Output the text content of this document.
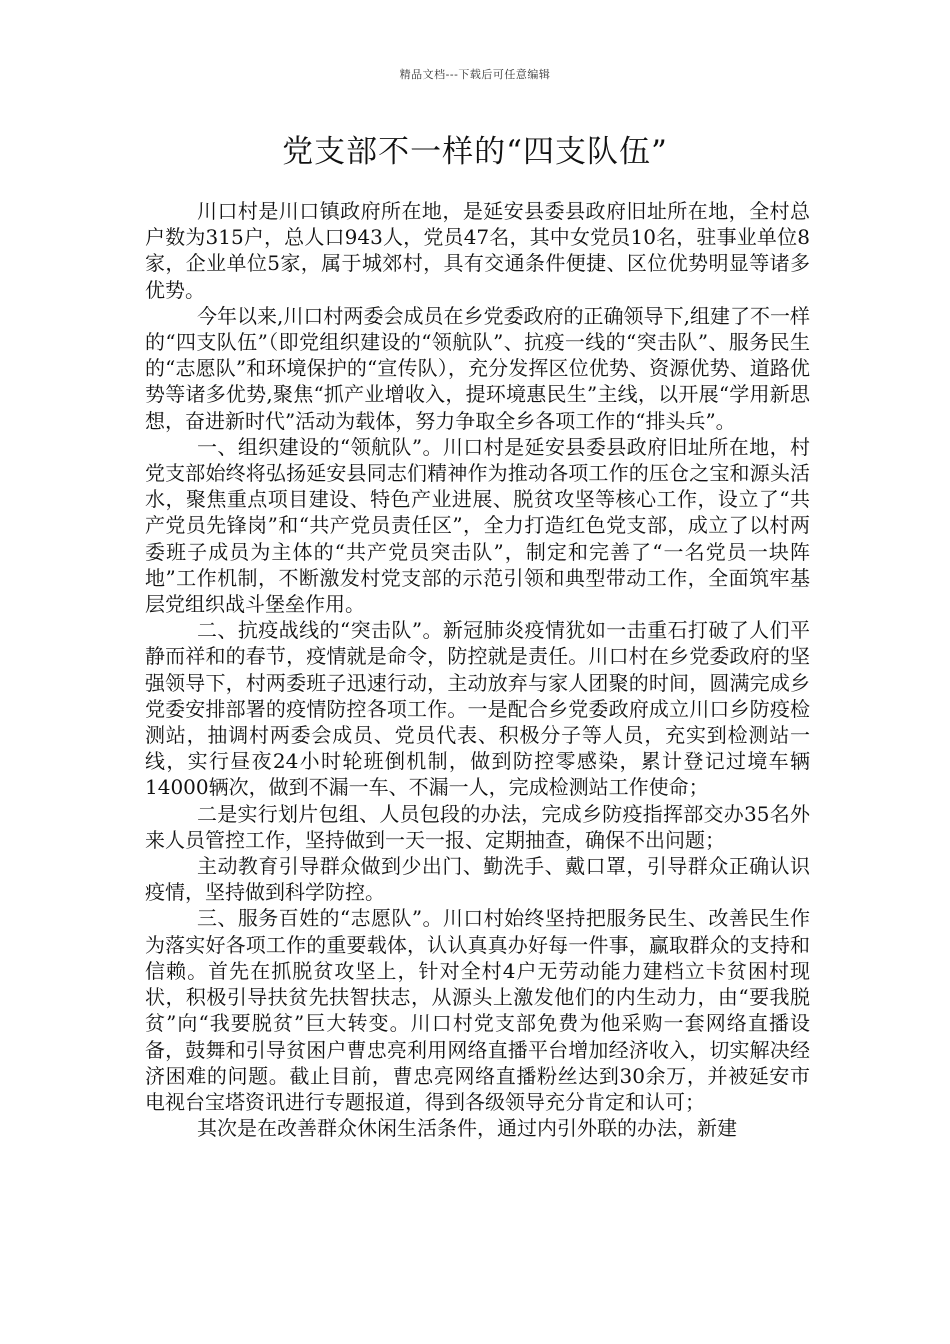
精品文档---下载后可任意编辑
党支部不一样的“四支队伍”

川口村是川口镇政府所在地，是延安县委县政府旧址所在地，全村总户数为315户，总人口943人，党员47名，其中女党员10名，驻事业单位8家，企业单位5家，属于城郊村，具有交通条件便捷、区位优势明显等诸多优势。

今年以来,川口村两委会成员在乡党委政府的正确领导下,组建了不一样的“四支队伍”（即党组织建设的“领航队”、抗疫一线的“突击队”、服务民生的“志愿队”和环境保护的“宣传队），充分发挥区位优势、资源优势、道路优势等诸多优势,聚焦“抓产业增收入，提环境惠民生”主线，以开展“学用新思想，奋进新时代”活动为载体，努力争取全乡各项工作的“排头兵”。

一、组织建设的“领航队”。川口村是延安县委县政府旧址所在地，村党支部始终将弘扬延安县同志们精神作为推动各项工作的压仓之宝和源头活水，聚焦重点项目建设、特色产业进展、脱贫攻坚等核心工作，设立了“共产党员先锋岗”和“共产党员责任区”，全力打造红色党支部，成立了以村两委班子成员为主体的“共产党员突击队”，制定和完善了“一名党员一块阵地”工作机制，不断激发村党支部的示范引领和典型带动工作，全面筑牢基层党组织战斗堡垒作用。

二、抗疫战线的“突击队”。新冠肺炎疫情犹如一击重石打破了人们平静而祥和的春节，疫情就是命令，防控就是责任。川口村在乡党委政府的坚强领导下，村两委班子迅速行动，主动放弃与家人团聚的时间，圆满完成乡党委安排部署的疫情防控各项工作。一是配合乡党委政府成立川口乡防疫检测站，抽调村两委会成员、党员代表、积极分子等人员，充实到检测站一线，实行昼夜24小时轮班倒机制，做到防控零感染，累计登记过境车辆14000辆次，做到不漏一车、不漏一人，完成检测站工作使命；

二是实行划片包组、人员包段的办法，完成乡防疫指挥部交办35名外来人员管控工作，坚持做到一天一报、定期抽查，确保不出问题；

主动教育引导群众做到少出门、勤洗手、戴口罩，引导群众正确认识疫情，坚持做到科学防控。

三、服务百姓的“志愿队”。川口村始终坚持把服务民生、改善民生作为落实好各项工作的重要载体，认认真真办好每一件事，赢取群众的支持和信赖。首先在抓脱贫攻坚上，针对全村4户无劳动能力建档立卡贫困村现状，积极引导扶贫先扶智扶志，从源头上激发他们的内生动力，由“要我脱贫”向“我要脱贫”巨大转变。川口村党支部免费为他采购一套网络直播设备，鼓舞和引导贫困户曹忠亮利用网络直播平台增加经济收入，切实解决经济困难的问题。截止目前，曹忠亮网络直播粉丝达到30余万，并被延安市电视台宝塔资讯进行专题报道，得到各级领导充分肯定和认可；

其次是在改善群众休闲生活条件，通过内引外联的办法，新建
